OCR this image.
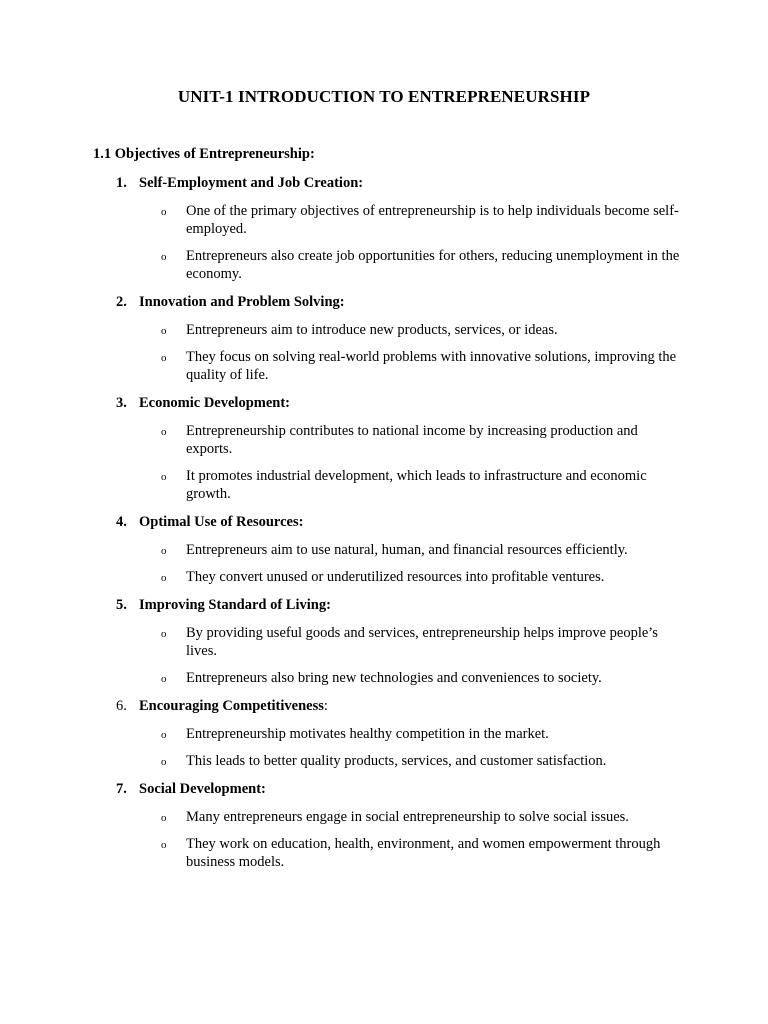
UNIT-1 INTRODUCTION TO ENTREPRENEURSHIP
1.1 Objectives of Entrepreneurship:
1. Self-Employment and Job Creation:
o One of the primary objectives of entrepreneurship is to help individuals become self-employed.
o Entrepreneurs also create job opportunities for others, reducing unemployment in the economy.
2. Innovation and Problem Solving:
o Entrepreneurs aim to introduce new products, services, or ideas.
o They focus on solving real-world problems with innovative solutions, improving the quality of life.
3. Economic Development:
o Entrepreneurship contributes to national income by increasing production and exports.
o It promotes industrial development, which leads to infrastructure and economic growth.
4. Optimal Use of Resources:
o Entrepreneurs aim to use natural, human, and financial resources efficiently.
o They convert unused or underutilized resources into profitable ventures.
5. Improving Standard of Living:
o By providing useful goods and services, entrepreneurship helps improve people’s lives.
o Entrepreneurs also bring new technologies and conveniences to society.
6. Encouraging Competitiveness:
o Entrepreneurship motivates healthy competition in the market.
o This leads to better quality products, services, and customer satisfaction.
7. Social Development:
o Many entrepreneurs engage in social entrepreneurship to solve social issues.
o They work on education, health, environment, and women empowerment through business models.
